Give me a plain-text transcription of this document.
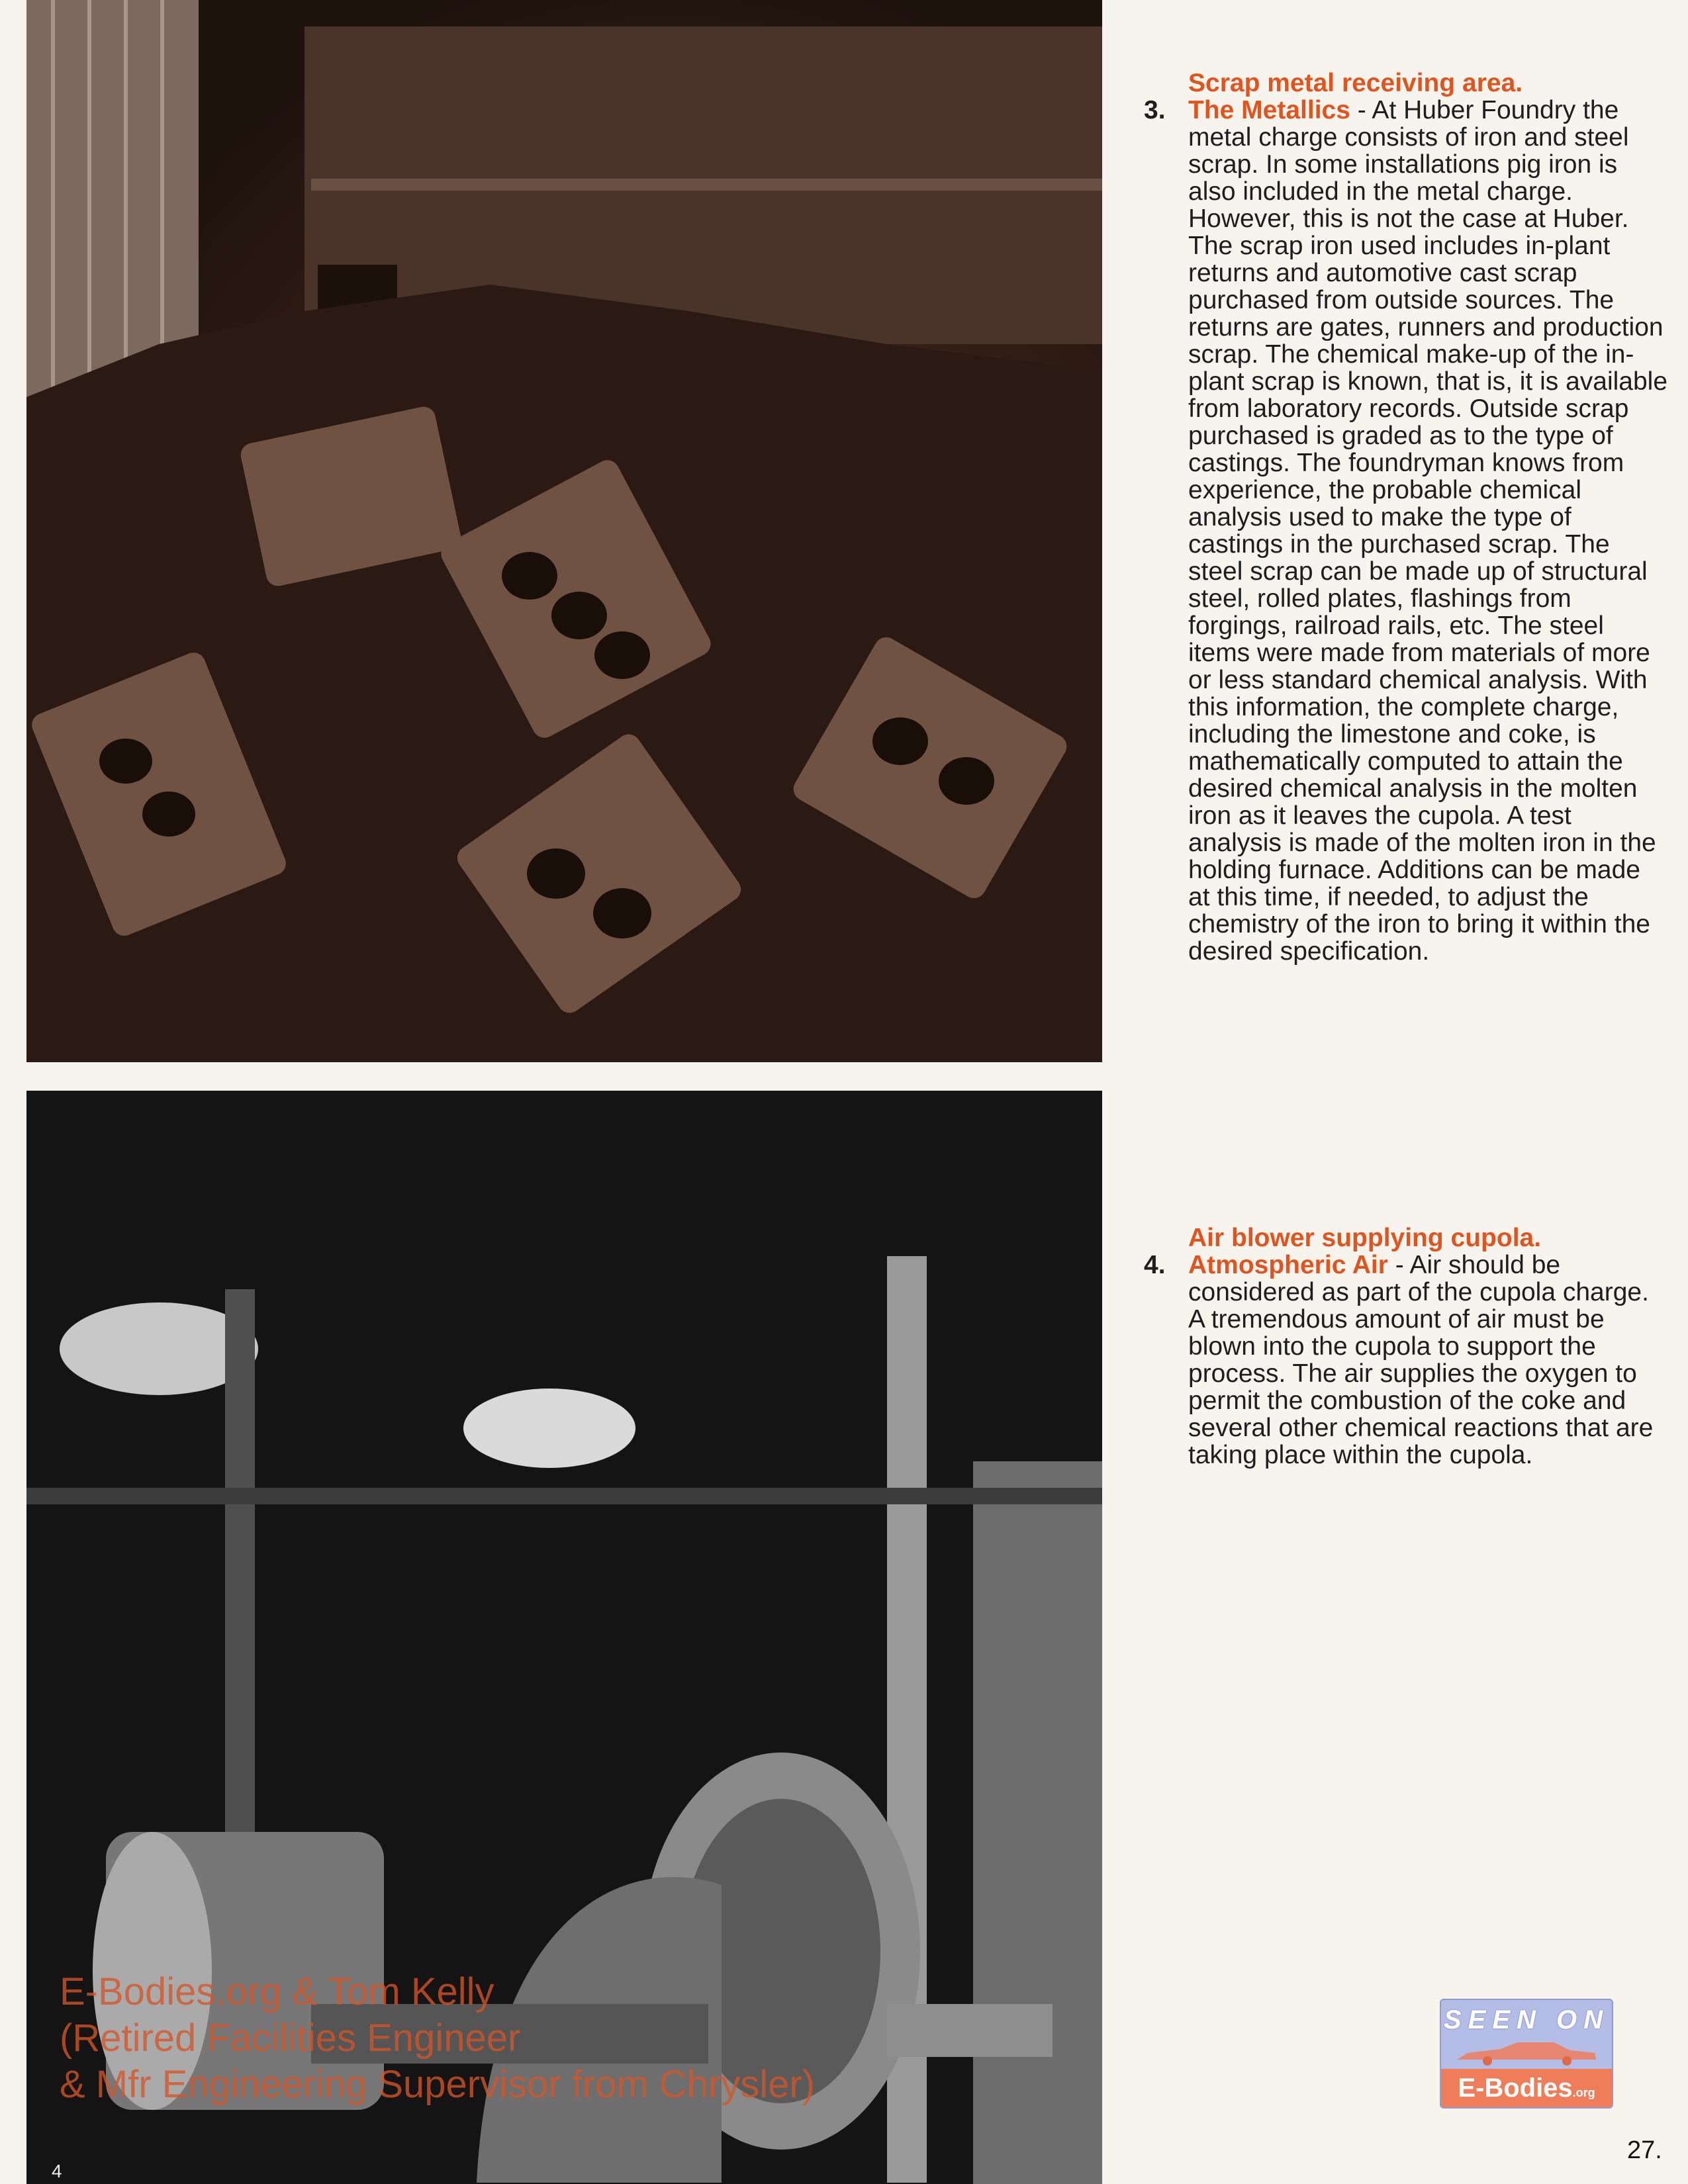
Scrap metal receiving area.
3. The Metallics - At Huber Foundry the metal charge consists of iron and steel scrap. In some installations pig iron is also included in the metal charge. However, this is not the case at Huber. The scrap iron used includes in-plant returns and automotive cast scrap purchased from outside sources. The returns are gates, runners and production scrap. The chemical make-up of the in-plant scrap is known, that is, it is available from laboratory records. Outside scrap purchased is graded as to the type of castings. The foundryman knows from experience, the probable chemical analysis used to make the type of castings in the purchased scrap. The steel scrap can be made up of structural steel, rolled plates, flashings from forgings, railroad rails, etc. The steel items were made from materials of more or less standard chemical analysis. With this information, the complete charge, including the limestone and coke, is mathematically computed to attain the desired chemical analysis in the molten iron as it leaves the cupola. A test analysis is made of the molten iron in the holding furnace. Additions can be made at this time, if needed, to adjust the chemistry of the iron to bring it within the desired specification.
Air blower supplying cupola.
4. Atmospheric Air - Air should be considered as part of the cupola charge. A tremendous amount of air must be blown into the cupola to support the process. The air supplies the oxygen to permit the combustion of the coke and several other chemical reactions that are taking place within the cupola.
E-Bodies.org & Tom Kelly
(Retired Facilities Engineer
& Mfr Engineering Supervisor from Chrysler)
SEEN ON
E-Bodies.org
4
27.
